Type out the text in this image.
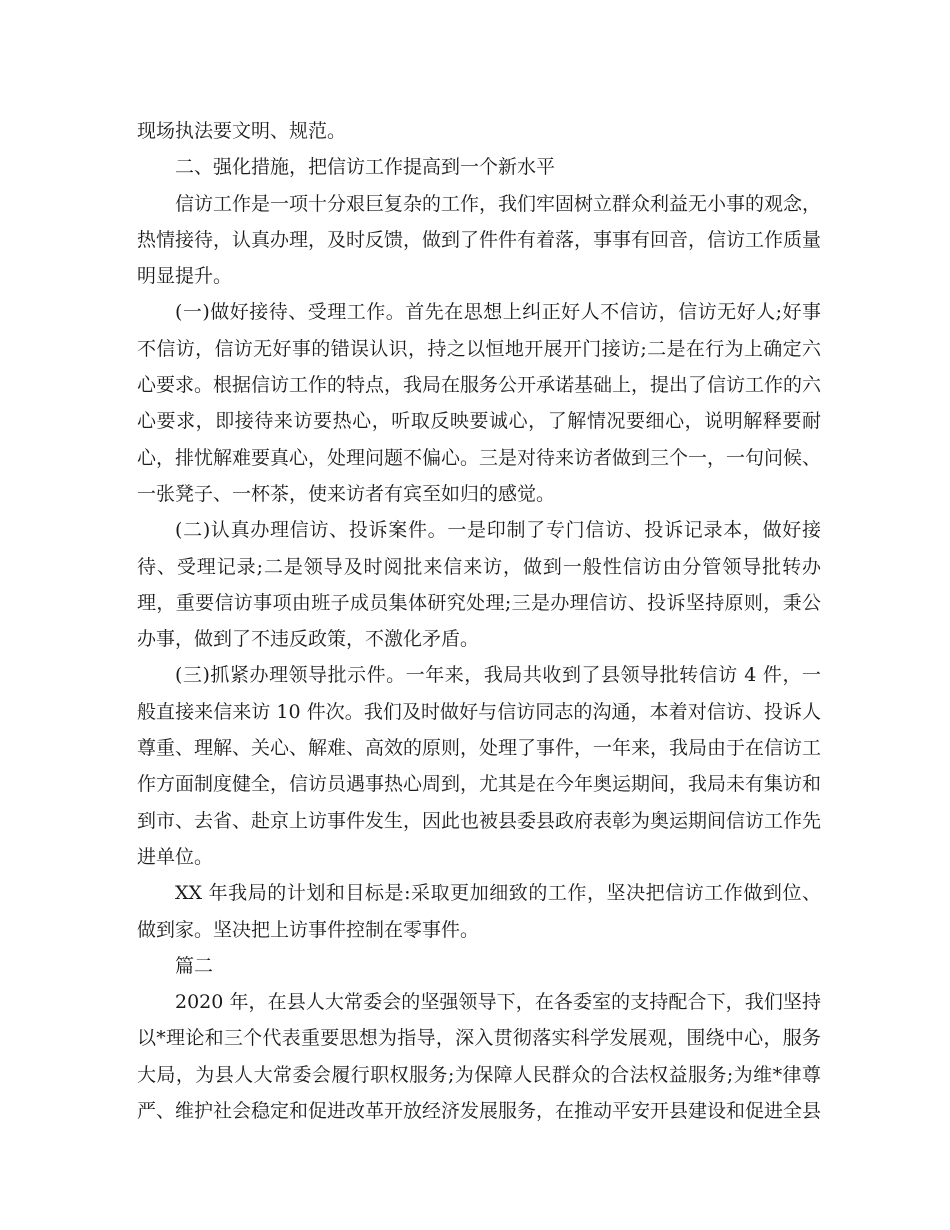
现场执法要文明、规范。

二、强化措施，把信访工作提高到一个新水平

信访工作是一项十分艰巨复杂的工作，我们牢固树立群众利益无小事的观念，热情接待，认真办理，及时反馈，做到了件件有着落，事事有回音，信访工作质量明显提升。

(一)做好接待、受理工作。首先在思想上纠正好人不信访，信访无好人;好事不信访，信访无好事的错误认识，持之以恒地开展开门接访;二是在行为上确定六心要求。根据信访工作的特点，我局在服务公开承诺基础上，提出了信访工作的六心要求，即接待来访要热心，听取反映要诚心，了解情况要细心，说明解释要耐心，排忧解难要真心，处理问题不偏心。三是对待来访者做到三个一，一句问候、一张凳子、一杯茶，使来访者有宾至如归的感觉。

(二)认真办理信访、投诉案件。一是印制了专门信访、投诉记录本，做好接待、受理记录;二是领导及时阅批来信来访，做到一般性信访由分管领导批转办理，重要信访事项由班子成员集体研究处理;三是办理信访、投诉坚持原则，秉公办事，做到了不违反政策，不激化矛盾。

(三)抓紧办理领导批示件。一年来，我局共收到了县领导批转信访 4 件，一般直接来信来访 10 件次。我们及时做好与信访同志的沟通，本着对信访、投诉人尊重、理解、关心、解难、高效的原则，处理了事件，一年来，我局由于在信访工作方面制度健全，信访员遇事热心周到，尤其是在今年奥运期间，我局未有集访和到市、去省、赴京上访事件发生，因此也被县委县政府表彰为奥运期间信访工作先进单位。

XX 年我局的计划和目标是:采取更加细致的工作，坚决把信访工作做到位、做到家。坚决把上访事件控制在零事件。

篇二

2020 年，在县人大常委会的坚强领导下，在各委室的支持配合下，我们坚持以*理论和三个代表重要思想为指导，深入贯彻落实科学发展观，围绕中心，服务大局，为县人大常委会履行职权服务;为保障人民群众的合法权益服务;为维*律尊严、维护社会稳定和促进改革开放经济发展服务，在推动平安开县建设和促进全县
